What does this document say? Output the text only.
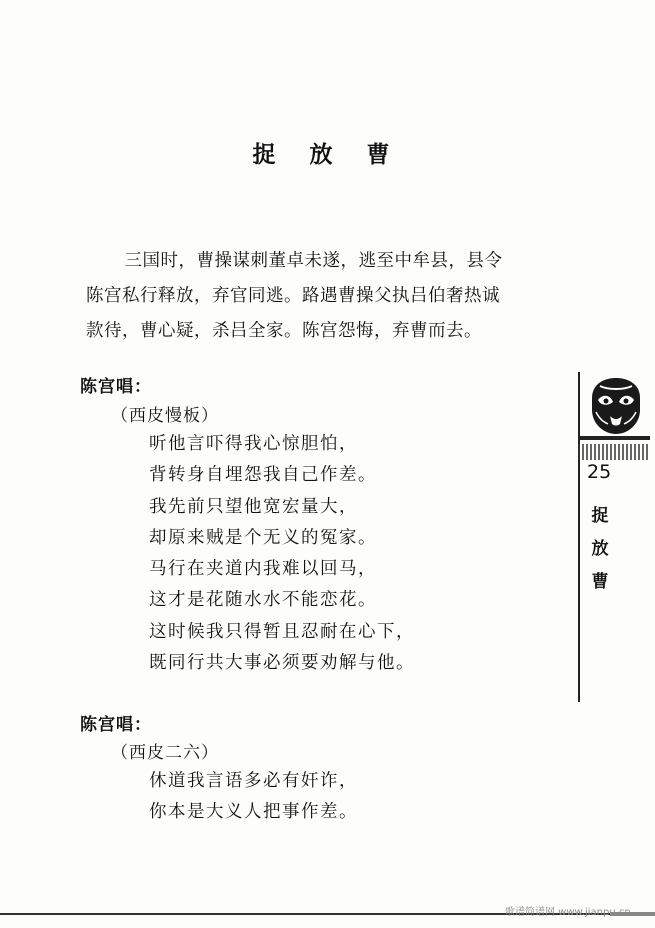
捉 放 曹
三国时，曹操谋刺董卓未遂，逃至中牟县，县令
陈宫私行释放，弃官同逃。路遇曹操父执吕伯奢热诚
款待，曹心疑，杀吕全家。陈宫怨悔，弃曹而去。
陈宫唱：
（西皮慢板）
听他言吓得我心惊胆怕，
背转身自埋怨我自己作差。
我先前只望他宽宏量大，
却原来贼是个无义的冤家。
马行在夹道内我难以回马，
这才是花随水水不能恋花。
这时候我只得暂且忍耐在心下，
既同行共大事必须要劝解与他。
陈宫唱：
（西皮二六）
休道我言语多必有奸诈，
你本是大义人把事作差。
25
捉
放
曹
歌谱简谱网 www.jianpu.cn
